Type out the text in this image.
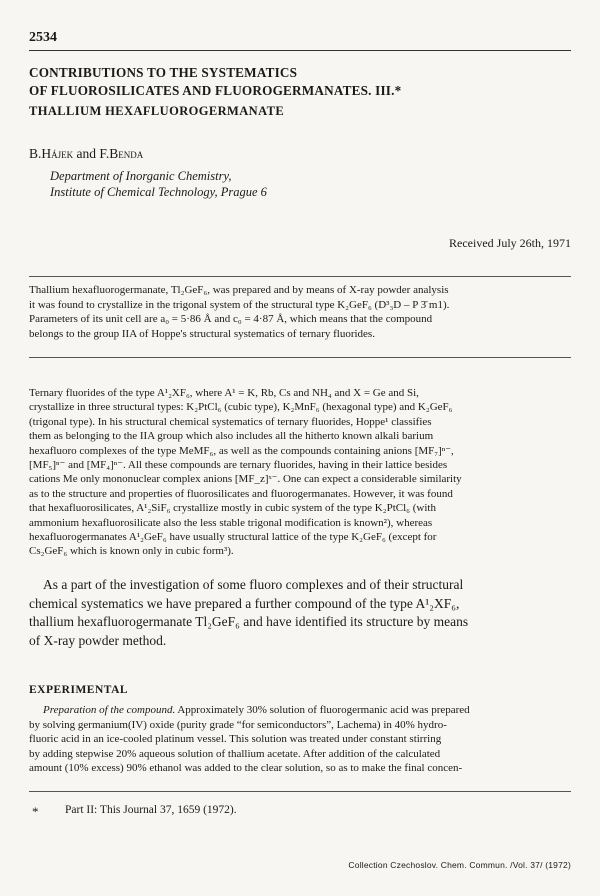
2534
CONTRIBUTIONS TO THE SYSTEMATICS
OF FLUOROSILICATES AND FLUOROGERMANATES. III.*
THALLIUM HEXAFLUOROGERMANATE
B.Hájek and F.Benda
Department of Inorganic Chemistry,
Institute of Chemical Technology, Prague 6
Received July 26th, 1971
Thallium hexafluorogermanate, Tl₂GeF₆, was prepared and by means of X-ray powder analysis
it was found to crystallize in the trigonal system of the structural type K₂GeF₆ (D³₃D – P 3̄ m1).
Parameters of its unit cell are a₀ = 5·86 Å and c₀ = 4·87 Å, which means that the compound
belongs to the group IIA of Hoppe's structural systematics of ternary fluorides.
Ternary fluorides of the type A¹₂XF₆, where A¹ = K, Rb, Cs and NH₄ and X = Ge and Si,
crystallize in three structural types: K₂PtCl₆ (cubic type), K₂MnF₆ (hexagonal type) and K₂GeF₆
(trigonal type). In his structural chemical systematics of ternary fluorides, Hoppe¹ classifies
them as belonging to the IIA group which also includes all the hitherto known alkali barium
hexafluoro complexes of the type MeMF₆, as well as the compounds containing anions [MF₇]ⁿ⁻,
[MF₅]ⁿ⁻ and [MF₄]ⁿ⁻. All these compounds are ternary fluorides, having in their lattice besides
cations Me only mononuclear complex anions [MF_z]ˣ⁻. One can expect a considerable similarity
as to the structure and properties of fluorosilicates and fluorogermanates. However, it was found
that hexafluorosilicates, A¹₂SiF₆ crystallize mostly in cubic system of the type K₂PtCl₆ (with
ammonium hexafluorosilicate also the less stable trigonal modification is known²), whereas
hexafluorogermanates A¹₂GeF₆ have usually structural lattice of the type K₂GeF₆ (except for
Cs₂GeF₆ which is known only in cubic form³).
As a part of the investigation of some fluoro complexes and of their structural
chemical systematics we have prepared a further compound of the type A¹₂XF₆,
thallium hexafluorogermanate Tl₂GeF₆ and have identified its structure by means
of X-ray powder method.
EXPERIMENTAL
Preparation of the compound. Approximately 30% solution of fluorogermanic acid was prepared
by solving germanium(IV) oxide (purity grade “for semiconductors”, Lachema) in 40% hydro-
fluoric acid in an ice-cooled platinum vessel. This solution was treated under constant stirring
by adding stepwise 20% aqueous solution of thallium acetate. After addition of the calculated
amount (10% excess) 90% ethanol was added to the clear solution, so as to make the final concen-
* Part II: This Journal 37, 1659 (1972).
Collection Czechoslov. Chem. Commun. /Vol. 37/ (1972)
